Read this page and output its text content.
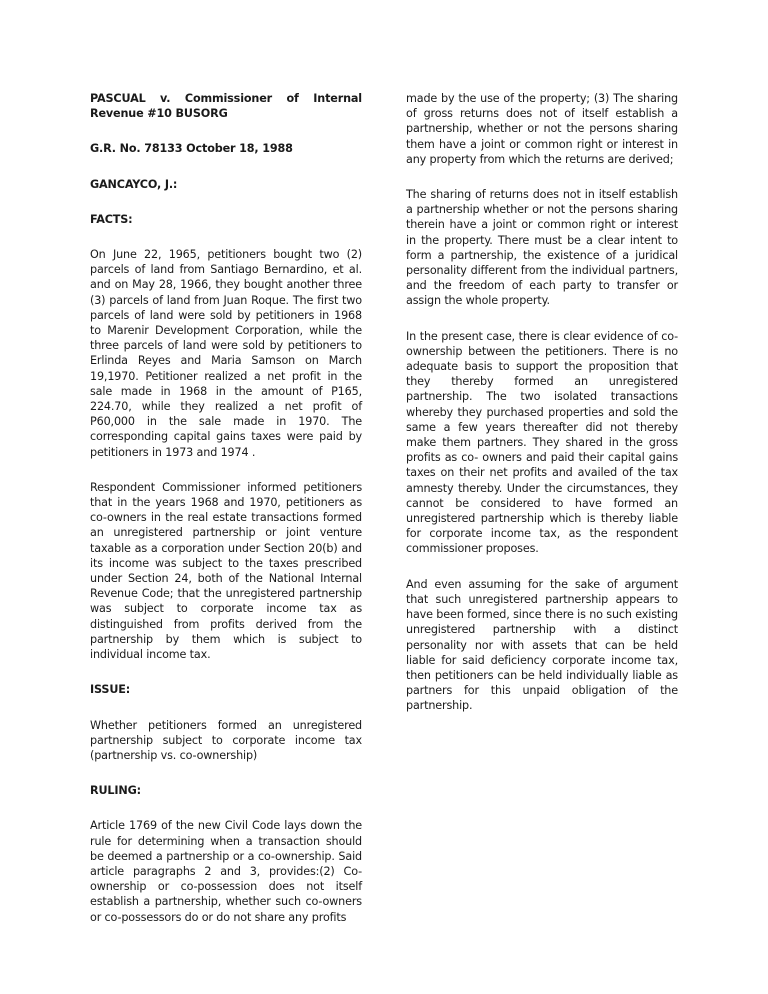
PASCUAL v. Commissioner of Internal Revenue #10 BUSORG
G.R. No. 78133 October 18, 1988
GANCAYCO, J.:
FACTS:

On June 22, 1965, petitioners bought two (2) parcels of land from Santiago Bernardino, et al. and on May 28, 1966, they bought another three (3) parcels of land from Juan Roque. The first two parcels of land were sold by petitioners in 1968 to Marenir Development Corporation, while the three parcels of land were sold by petitioners to Erlinda Reyes and Maria Samson on March 19,1970. Petitioner realized a net profit in the sale made in 1968 in the amount of P165, 224.70, while they realized a net profit of P60,000 in the sale made in 1970. The corresponding capital gains taxes were paid by petitioners in 1973 and 1974 .

Respondent Commissioner informed petitioners that in the years 1968 and 1970, petitioners as co-owners in the real estate transactions formed an unregistered partnership or joint venture taxable as a corporation under Section 20(b) and its income was subject to the taxes prescribed under Section 24, both of the National Internal Revenue Code; that the unregistered partnership was subject to corporate income tax as distinguished from profits derived from the partnership by them which is subject to individual income tax.

ISSUE:

Whether petitioners formed an unregistered partnership subject to corporate income tax (partnership vs. co-ownership)

RULING:

Article 1769 of the new Civil Code lays down the rule for determining when a transaction should be deemed a partnership or a co-ownership. Said article paragraphs 2 and 3, provides:(2) Co-ownership or co-possession does not itself establish a partnership, whether such co-owners or co-possessors do or do not share any profits

made by the use of the property; (3) The sharing of gross returns does not of itself establish a partnership, whether or not the persons sharing them have a joint or common right or interest in any property from which the returns are derived;

The sharing of returns does not in itself establish a partnership whether or not the persons sharing therein have a joint or common right or interest in the property. There must be a clear intent to form a partnership, the existence of a juridical personality different from the individual partners, and the freedom of each party to transfer or assign the whole property.

In the present case, there is clear evidence of co-ownership between the petitioners. There is no adequate basis to support the proposition that they thereby formed an unregistered partnership. The two isolated transactions whereby they purchased properties and sold the same a few years thereafter did not thereby make them partners. They shared in the gross profits as co- owners and paid their capital gains taxes on their net profits and availed of the tax amnesty thereby. Under the circumstances, they cannot be considered to have formed an unregistered partnership which is thereby liable for corporate income tax, as the respondent commissioner proposes.

And even assuming for the sake of argument that such unregistered partnership appears to have been formed, since there is no such existing unregistered partnership with a distinct personality nor with assets that can be held liable for said deficiency corporate income tax, then petitioners can be held individually liable as partners for this unpaid obligation of the partnership.
